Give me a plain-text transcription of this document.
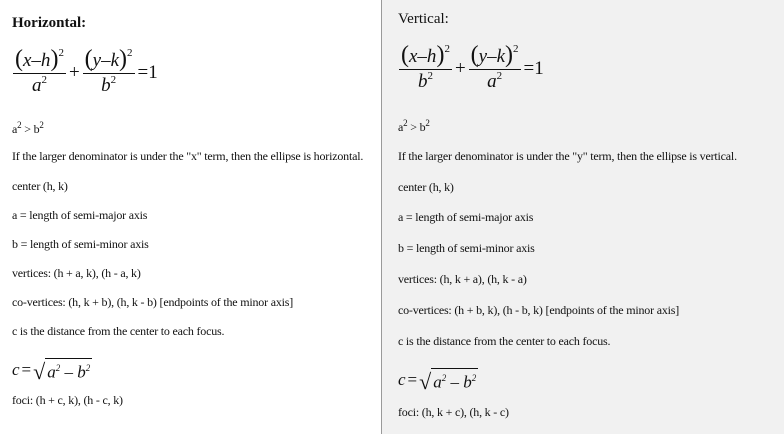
Horizontal:
$\frac{(x-h)^2}{a^2} + \frac{(y-k)^2}{b^2} =1$
$a^2 > b^2$
If the larger denominator is under the "x" term, then the ellipse is horizontal.
center (h, k)
a = length of semi-major axis
b = length of semi-minor axis
vertices: (h + a, k), (h - a, k)
co-vertices: (h, k + b), (h, k - b) [endpoints of the minor axis]
c is the distance from the center to each focus.
c = √ $a^2 - b^2$
foci: (h + c, k), (h - c, k)
Vertical:
$\frac{(x-h)^2}{b^2} + \frac{(y-k)^2}{a^2} =1$
$a^2 > b^2$
If the larger denominator is under the "y" term, then the ellipse is vertical.
center (h, k)
a = length of semi-major axis
b = length of semi-minor axis
vertices: (h, k + a), (h, k - a)
co-vertices: (h + b, k), (h - b, k) [endpoints of the minor axis]
c is the distance from the center to each focus.
c = √ $a^2 - b^2$
foci: (h, k + c), (h, k - c)
